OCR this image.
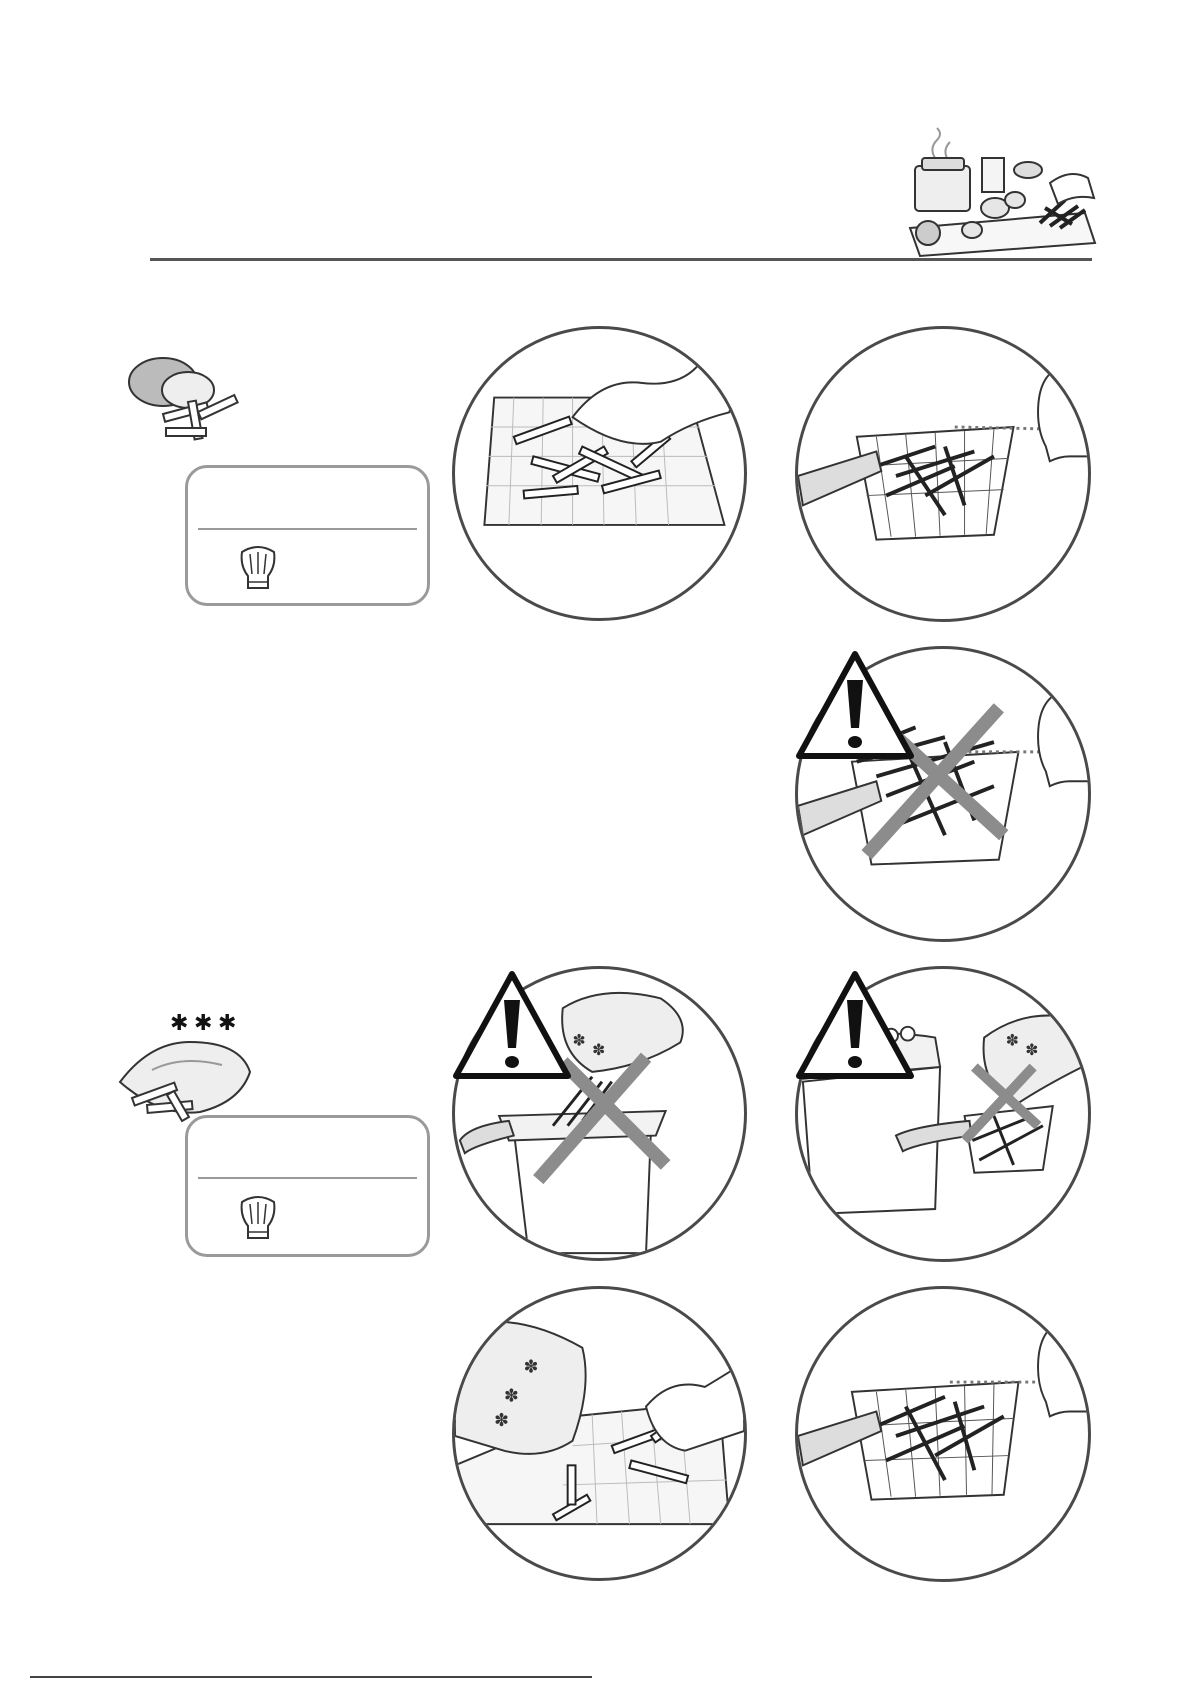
✱ ✱ ✱
✽
✽
✽
✽
✽
✽
✽
